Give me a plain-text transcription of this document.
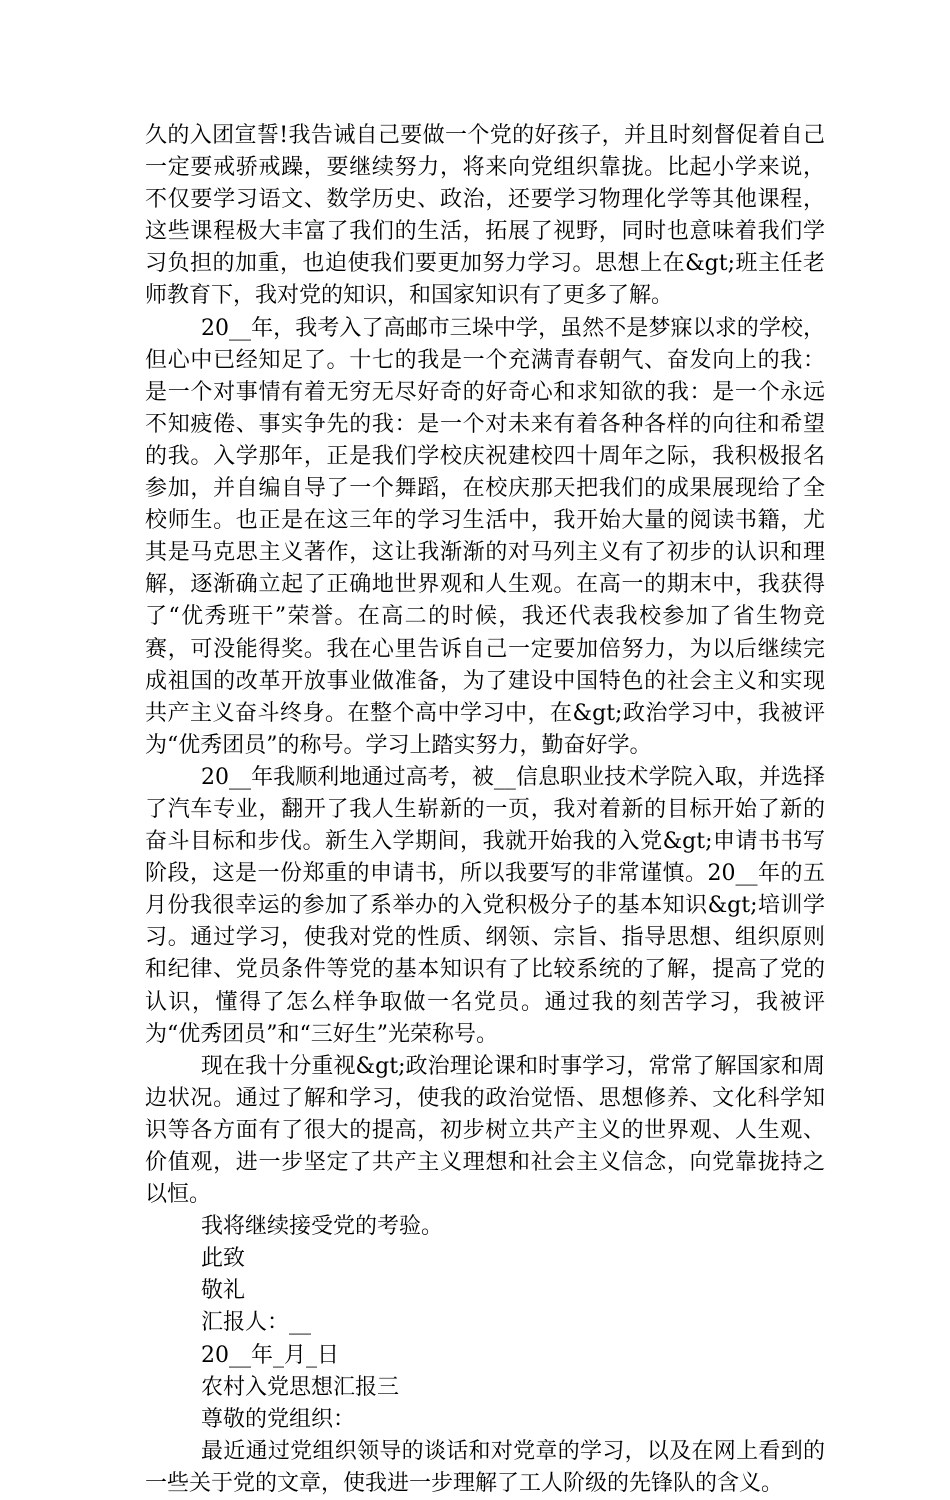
久的入团宣誓!我告诫自己要做一个党的好孩子，并且时刻督促着自己一定要戒骄戒躁，要继续努力，将来向党组织靠拢。比起小学来说，不仅要学习语文、数学历史、政治，还要学习物理化学等其他课程，这些课程极大丰富了我们的生活，拓展了视野，同时也意味着我们学习负担的加重，也迫使我们要更加努力学习。思想上在&gt;班主任老师教育下，我对党的知识，和国家知识有了更多了解。

20__年，我考入了高邮市三垛中学，虽然不是梦寐以求的学校，但心中已经知足了。十七的我是一个充满青春朝气、奋发向上的我：是一个对事情有着无穷无尽好奇的好奇心和求知欲的我：是一个永远不知疲倦、事实争先的我：是一个对未来有着各种各样的向往和希望的我。入学那年，正是我们学校庆祝建校四十周年之际，我积极报名参加，并自编自导了一个舞蹈，在校庆那天把我们的成果展现给了全校师生。也正是在这三年的学习生活中，我开始大量的阅读书籍，尤其是马克思主义著作，这让我渐渐的对马列主义有了初步的认识和理解，逐渐确立起了正确地世界观和人生观。在高一的期末中，我获得了“优秀班干”荣誉。在高二的时候，我还代表我校参加了省生物竞赛，可没能得奖。我在心里告诉自己一定要加倍努力，为以后继续完成祖国的改革开放事业做准备，为了建设中国特色的社会主义和实现共产主义奋斗终身。在整个高中学习中，在&gt;政治学习中，我被评为“优秀团员”的称号。学习上踏实努力，勤奋好学。

20__年我顺利地通过高考，被__信息职业技术学院入取，并选择了汽车专业，翻开了我人生崭新的一页，我对着新的目标开始了新的奋斗目标和步伐。新生入学期间，我就开始我的入党&gt;申请书书写阶段，这是一份郑重的申请书，所以我要写的非常谨慎。20__年的五月份我很幸运的参加了系举办的入党积极分子的基本知识&gt;培训学习。通过学习，使我对党的性质、纲领、宗旨、指导思想、组织原则和纪律、党员条件等党的基本知识有了比较系统的了解，提高了党的认识，懂得了怎么样争取做一名党员。通过我的刻苦学习，我被评为“优秀团员”和“三好生”光荣称号。

现在我十分重视&gt;政治理论课和时事学习，常常了解国家和周边状况。通过了解和学习，使我的政治觉悟、思想修养、文化科学知识等各方面有了很大的提高，初步树立共产主义的世界观、人生观、价值观，进一步坚定了共产主义理想和社会主义信念，向党靠拢持之以恒。

我将继续接受党的考验。

此致

敬礼

汇报人：__

20__年_月_日

农村入党思想汇报三

尊敬的党组织：

最近通过党组织领导的谈话和对党章的学习，以及在网上看到的一些关于党的文章，使我进一步理解了工人阶级的先锋队的含义。
